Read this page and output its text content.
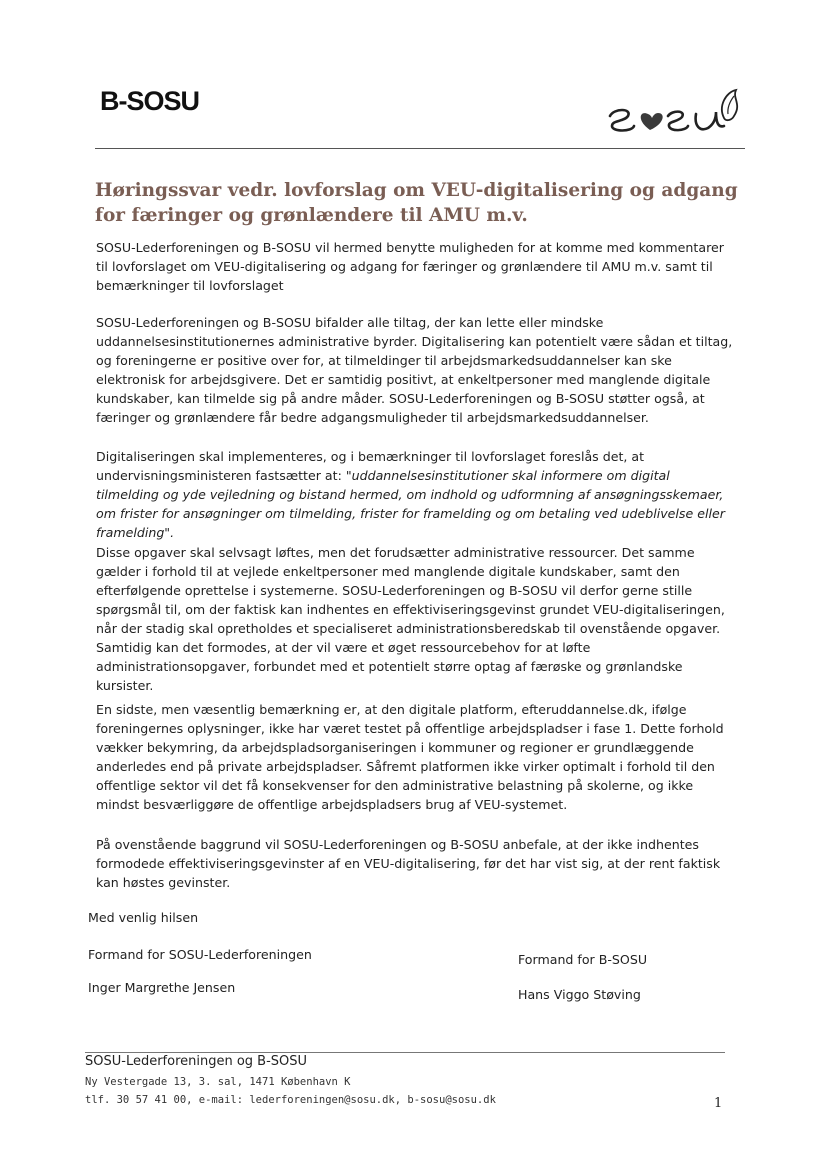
B-SOSU
Høringssvar vedr. lovforslag om VEU-digitalisering og adgang for færinger og grønlændere til AMU m.v.

SOSU-Lederforeningen og B-SOSU vil hermed benytte muligheden for at komme med kommentarer til lovforslaget om VEU-digitalisering og adgang for færinger og grønlændere til AMU m.v. samt til bemærkninger til lovforslaget

SOSU-Lederforeningen og B-SOSU bifalder alle tiltag, der kan lette eller mindske uddannelsesinstitutionernes administrative byrder. Digitalisering kan potentielt være sådan et tiltag, og foreningerne er positive over for, at tilmeldinger til arbejdsmarkedsuddannelser kan ske elektronisk for arbejdsgivere. Det er samtidig positivt, at enkeltpersoner med manglende digitale kundskaber, kan tilmelde sig på andre måder. SOSU-Lederforeningen og B-SOSU støtter også, at færinger og grønlændere får bedre adgangsmuligheder til arbejdsmarkedsuddannelser.

Digitaliseringen skal implementeres, og i bemærkninger til lovforslaget foreslås det, at undervisningsministeren fastsætter at: "uddannelsesinstitutioner skal informere om digital tilmelding og yde vejledning og bistand hermed, om indhold og udformning af ansøgningsskemaer, om frister for ansøgninger om tilmelding, frister for framelding og om betaling ved udeblivelse eller framelding".

Disse opgaver skal selvsagt løftes, men det forudsætter administrative ressourcer. Det samme gælder i forhold til at vejlede enkeltpersoner med manglende digitale kundskaber, samt den efterfølgende oprettelse i systemerne. SOSU-Lederforeningen og B-SOSU vil derfor gerne stille spørgsmål til, om der faktisk kan indhentes en effektiviseringsgevinst grundet VEU-digitaliseringen, når der stadig skal opretholdes et specialiseret administrationsberedskab til ovenstående opgaver. Samtidig kan det formodes, at der vil være et øget ressourcebehov for at løfte administrationsopgaver, forbundet med et potentielt større optag af færøske og grønlandske kursister.

En sidste, men væsentlig bemærkning er, at den digitale platform, efteruddannelse.dk, ifølge foreningernes oplysninger, ikke har været testet på offentlige arbejdspladser i fase 1. Dette forhold vækker bekymring, da arbejdspladsorganiseringen i kommuner og regioner er grundlæggende anderledes end på private arbejdspladser. Såfremt platformen ikke virker optimalt i forhold til den offentlige sektor vil det få konsekvenser for den administrative belastning på skolerne, og ikke mindst besværliggøre de offentlige arbejdspladsers brug af VEU-systemet.

På ovenstående baggrund vil SOSU-Lederforeningen og B-SOSU anbefale, at der ikke indhentes formodede effektiviseringsgevinster af en VEU-digitalisering, før det har vist sig, at der rent faktisk kan høstes gevinster.

Med venlig hilsen
Formand for SOSU-Lederforeningen
Inger Margrethe Jensen
Formand for B-SOSU
Hans Viggo Støving
SOSU-Lederforeningen og B-SOSU
Ny Vestergade 13, 3. sal, 1471 København K
tlf. 30 57 41 00, e-mail: lederforeningen@sosu.dk, b-sosu@sosu.dk	1
